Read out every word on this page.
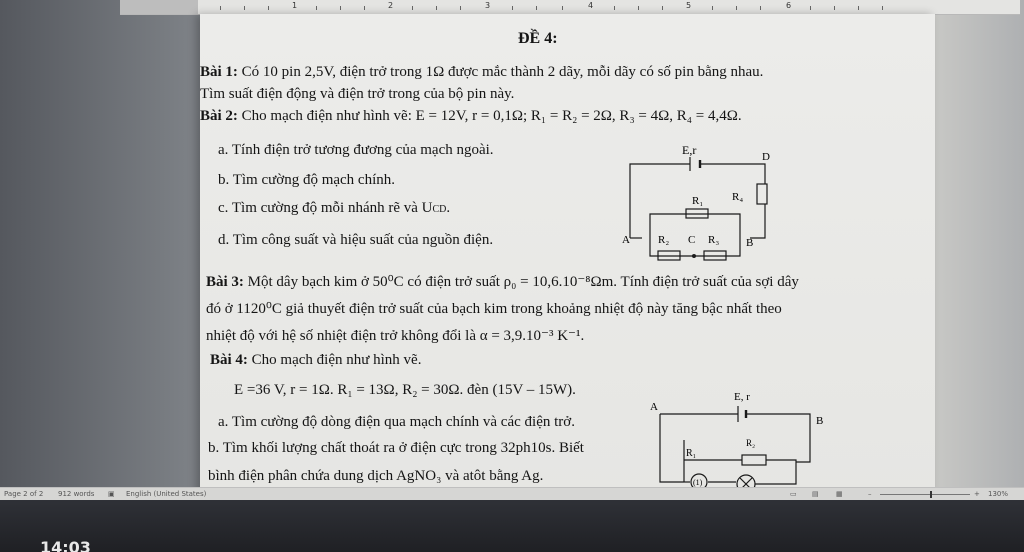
1	2	3	4	5	6
ĐỀ 4:
Bài 1: Có 10 pin 2,5V, điện trở trong 1Ω được mắc thành 2 dãy, mỗi dãy có số pin bằng nhau.
Tìm suất điện động và điện trở trong của bộ pin này.
Bài 2: Cho mạch điện như hình vẽ: E = 12V, r = 0,1Ω; R₁ = R₂ = 2Ω, R₃ = 4Ω, R₄ = 4,4Ω.
a. Tính điện trở tương đương của mạch ngoài.
b. Tìm cường độ mạch chính.
c. Tìm cường độ mỗi nhánh rẽ và UCD.
d. Tìm công suất và hiệu suất của nguồn điện.
E,r	D
R₁	R₄
A	R₂ C R₃ B
Bài 3: Một dây bạch kim ở 50⁰C có điện trở suất ρ₀ = 10,6.10⁻⁸Ωm. Tính điện trở suất của sợi dây
đó ở 1120⁰C giả thuyết điện trở suất của bạch kim trong khoảng nhiệt độ này tăng bậc nhất theo
nhiệt độ với hệ số nhiệt điện trở không đổi là α = 3,9.10⁻³ K⁻¹.
Bài 4: Cho mạch điện như hình vẽ.
E =36 V, r = 1Ω. R₁ = 13Ω, R₂ = 30Ω. đèn (15V – 15W).
a. Tìm cường độ dòng điện qua mạch chính và các điện trở.
b. Tìm khối lượng chất thoát ra ở điện cực trong 32ph10s. Biết
bình điện phân chứa dung dịch AgNO₃ và atôt bằng Ag.
E, r
A
B
R₂
R₁
(1)
Page 2 of 2 912 words ▣ English (United States)	▭ ▤ ▦	–	+ 130%
14:03
